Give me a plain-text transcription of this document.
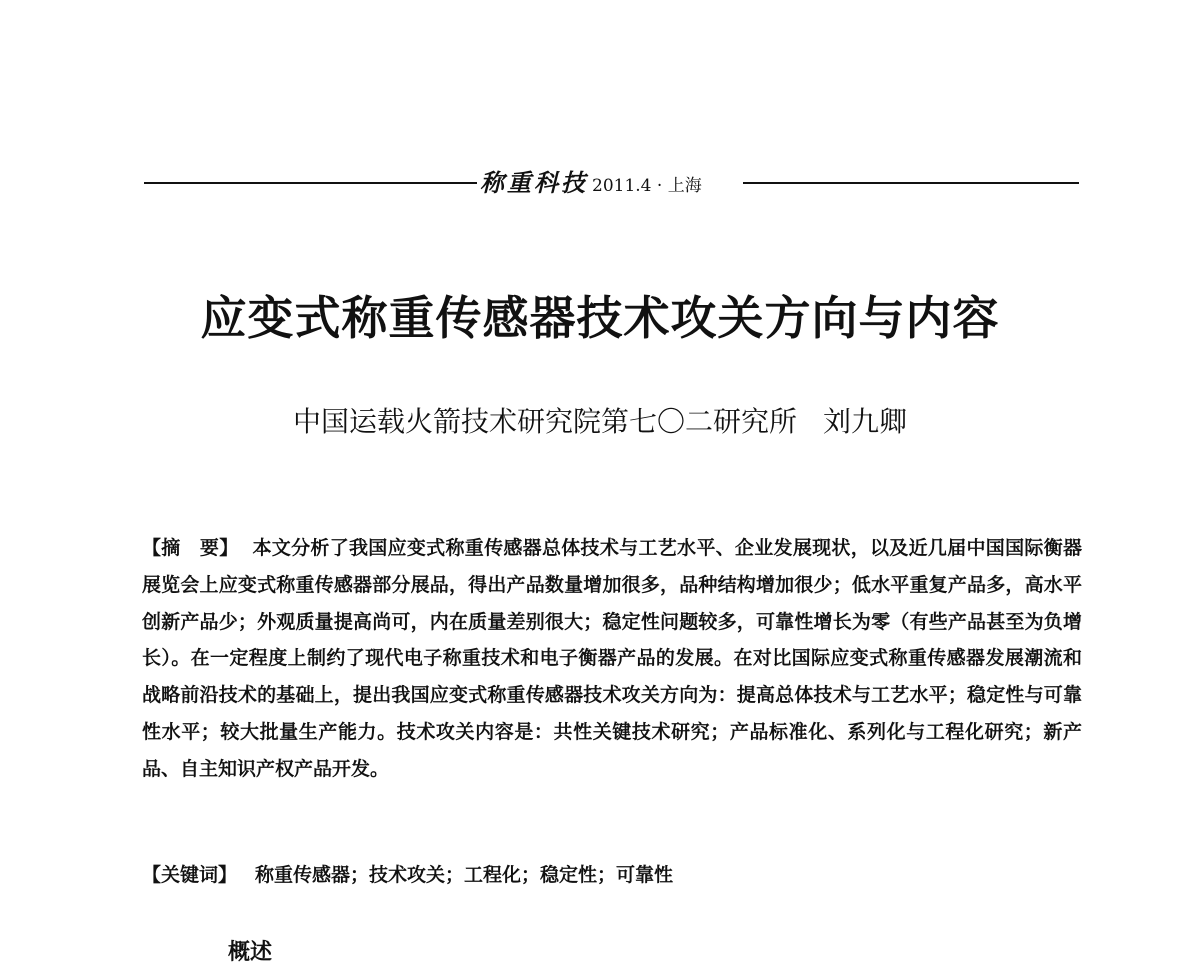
称重科技 2011.4 · 上海
应变式称重传感器技术攻关方向与内容
中国运载火箭技术研究院第七〇二研究所 刘九卿
【摘　要】 本文分析了我国应变式称重传感器总体技术与工艺水平、企业发展现状，以及近几届中国国际衡器展览会上应变式称重传感器部分展品，得出产品数量增加很多，品种结构增加很少；低水平重复产品多，高水平创新产品少；外观质量提高尚可，内在质量差别很大；稳定性问题较多，可靠性增长为零（有些产品甚至为负增长）。在一定程度上制约了现代电子称重技术和电子衡器产品的发展。在对比国际应变式称重传感器发展潮流和战略前沿技术的基础上，提出我国应变式称重传感器技术攻关方向为：提高总体技术与工艺水平；稳定性与可靠性水平；较大批量生产能力。技术攻关内容是：共性关键技术研究；产品标准化、系列化与工程化研究；新产品、自主知识产权产品开发。
【关键词】 称重传感器；技术攻关；工程化；稳定性；可靠性
概述
